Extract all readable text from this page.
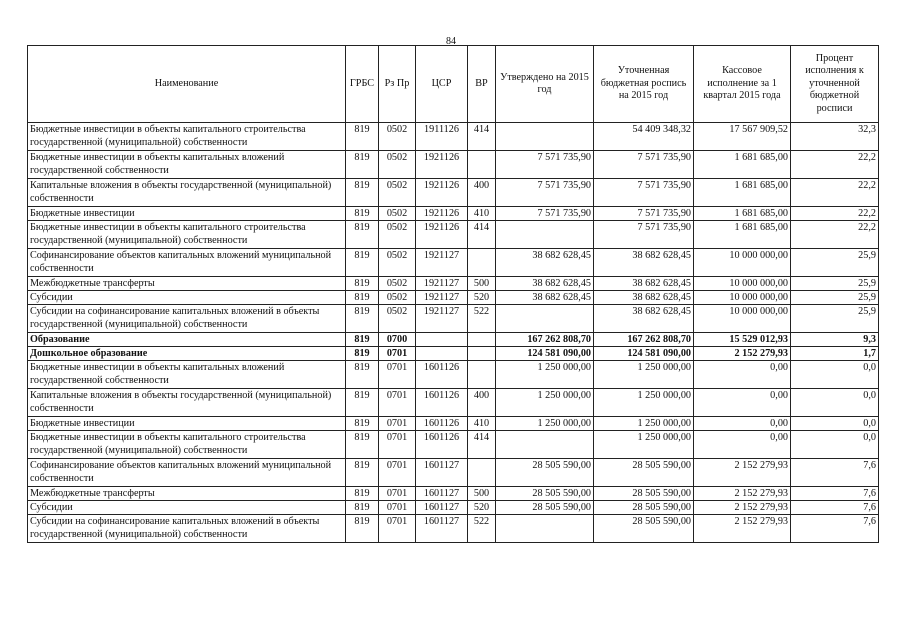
84
Наименование	ГРБС	Рз Пр	ЦСР	ВР	Утверждено на 2015 год	Уточненная бюджетная роспись на 2015 год	Кассовое исполнение за 1 квартал 2015 года	Процент исполнения к уточненной бюджетной росписи
Бюджетные инвестиции в объекты капитального строительства государственной (муниципальной) собственности	819	0502	1911126	414		54 409 348,32	17 567 909,52	32,3
Бюджетные инвестиции в объекты капитальных вложений государственной собственности	819	0502	1921126		7 571 735,90	7 571 735,90	1 681 685,00	22,2
Капитальные вложения в объекты государственной (муниципальной) собственности	819	0502	1921126	400	7 571 735,90	7 571 735,90	1 681 685,00	22,2
Бюджетные инвестиции	819	0502	1921126	410	7 571 735,90	7 571 735,90	1 681 685,00	22,2
Бюджетные инвестиции в объекты капитального строительства государственной (муниципальной) собственности	819	0502	1921126	414		7 571 735,90	1 681 685,00	22,2
Софинансирование объектов капитальных вложений муниципальной собственности	819	0502	1921127		38 682 628,45	38 682 628,45	10 000 000,00	25,9
Межбюджетные трансферты	819	0502	1921127	500	38 682 628,45	38 682 628,45	10 000 000,00	25,9
Субсидии	819	0502	1921127	520	38 682 628,45	38 682 628,45	10 000 000,00	25,9
Субсидии на софинансирование капитальных вложений в объекты государственной (муниципальной) собственности	819	0502	1921127	522		38 682 628,45	10 000 000,00	25,9
Образование	819	0700			167 262 808,70	167 262 808,70	15 529 012,93	9,3
Дошкольное образование	819	0701			124 581 090,00	124 581 090,00	2 152 279,93	1,7
Бюджетные инвестиции в объекты капитальных вложений государственной собственности	819	0701	1601126		1 250 000,00	1 250 000,00	0,00	0,0
Капитальные вложения в объекты государственной (муниципальной) собственности	819	0701	1601126	400	1 250 000,00	1 250 000,00	0,00	0,0
Бюджетные инвестиции	819	0701	1601126	410	1 250 000,00	1 250 000,00	0,00	0,0
Бюджетные инвестиции в объекты капитального строительства государственной (муниципальной) собственности	819	0701	1601126	414		1 250 000,00	0,00	0,0
Софинансирование объектов капитальных вложений муниципальной собственности	819	0701	1601127		28 505 590,00	28 505 590,00	2 152 279,93	7,6
Межбюджетные трансферты	819	0701	1601127	500	28 505 590,00	28 505 590,00	2 152 279,93	7,6
Субсидии	819	0701	1601127	520	28 505 590,00	28 505 590,00	2 152 279,93	7,6
Субсидии на софинансирование капитальных вложений в объекты государственной (муниципальной) собственности	819	0701	1601127	522		28 505 590,00	2 152 279,93	7,6
